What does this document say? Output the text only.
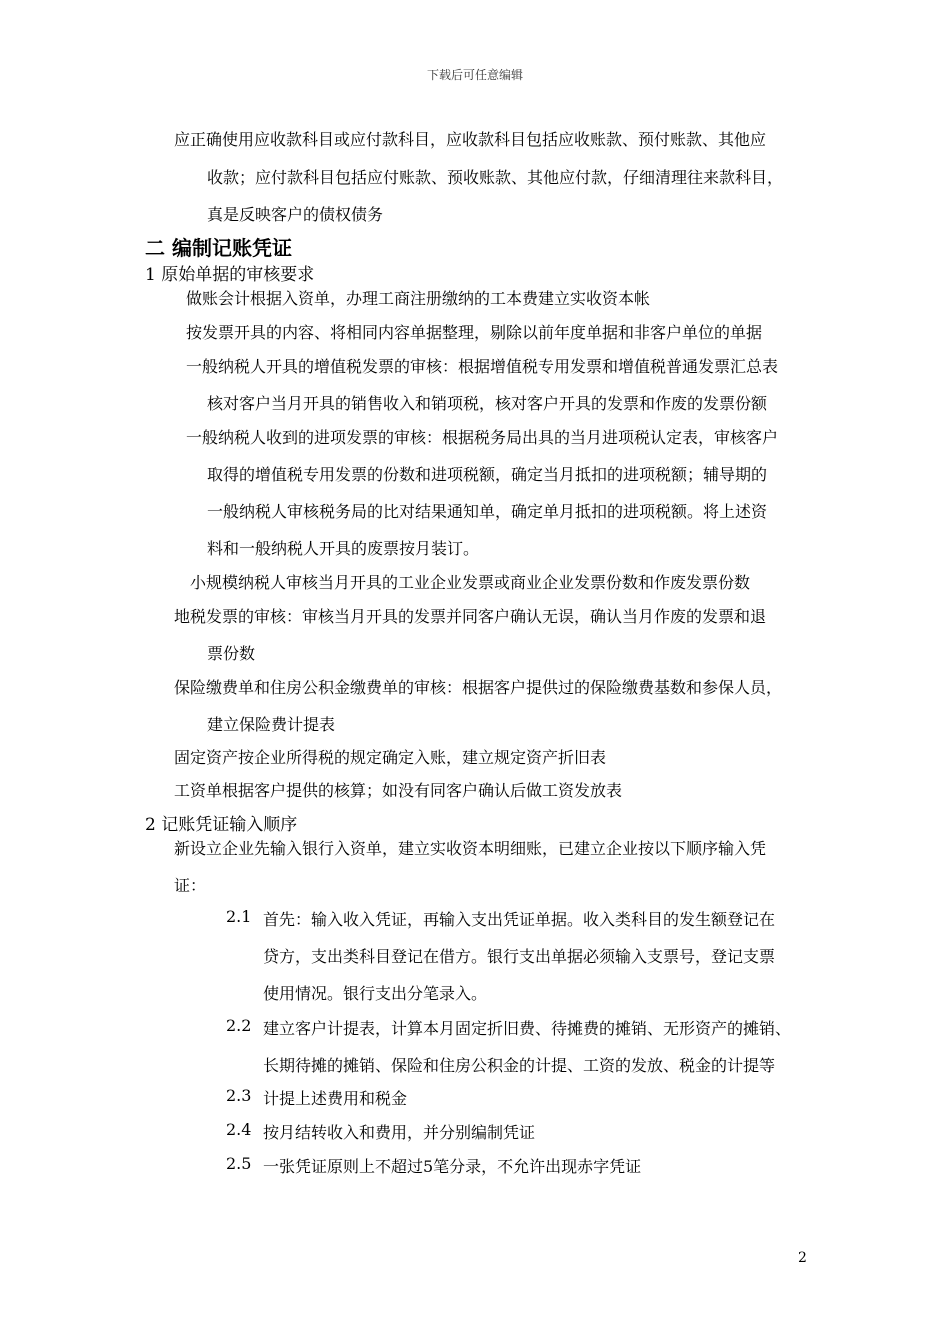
下载后可任意编辑
应正确使用应收款科目或应付款科目，应收款科目包括应收账款、预付账款、其他应
收款；应付款科目包括应付账款、预收账款、其他应付款，仔细清理往来款科目，
真是反映客户的债权债务
二 编制记账凭证
1 原始单据的审核要求
做账会计根据入资单，办理工商注册缴纳的工本费建立实收资本帐
按发票开具的内容、将相同内容单据整理，剔除以前年度单据和非客户单位的单据
一般纳税人开具的增值税发票的审核：根据增值税专用发票和增值税普通发票汇总表
核对客户当月开具的销售收入和销项税，核对客户开具的发票和作废的发票份额
一般纳税人收到的进项发票的审核：根据税务局出具的当月进项税认定表，审核客户
取得的增值税专用发票的份数和进项税额，确定当月抵扣的进项税额；辅导期的
一般纳税人审核税务局的比对结果通知单，确定单月抵扣的进项税额。将上述资
料和一般纳税人开具的废票按月装订。
小规模纳税人审核当月开具的工业企业发票或商业企业发票份数和作废发票份数
地税发票的审核：审核当月开具的发票并同客户确认无误，确认当月作废的发票和退
票份数
保险缴费单和住房公积金缴费单的审核：根据客户提供过的保险缴费基数和参保人员，
建立保险费计提表
固定资产按企业所得税的规定确定入账，建立规定资产折旧表
工资单根据客户提供的核算；如没有同客户确认后做工资发放表
2 记账凭证输入顺序
新设立企业先输入银行入资单，建立实收资本明细账，已建立企业按以下顺序输入凭
证：
2.1 首先：输入收入凭证，再输入支出凭证单据。收入类科目的发生额登记在
贷方，支出类科目登记在借方。银行支出单据必须输入支票号，登记支票
使用情况。银行支出分笔录入。
2.2 建立客户计提表，计算本月固定折旧费、待摊费的摊销、无形资产的摊销、
长期待摊的摊销、保险和住房公积金的计提、工资的发放、税金的计提等
2.3 计提上述费用和税金
2.4 按月结转收入和费用，并分别编制凭证
2.5 一张凭证原则上不超过5笔分录，不允许出现赤字凭证
2
